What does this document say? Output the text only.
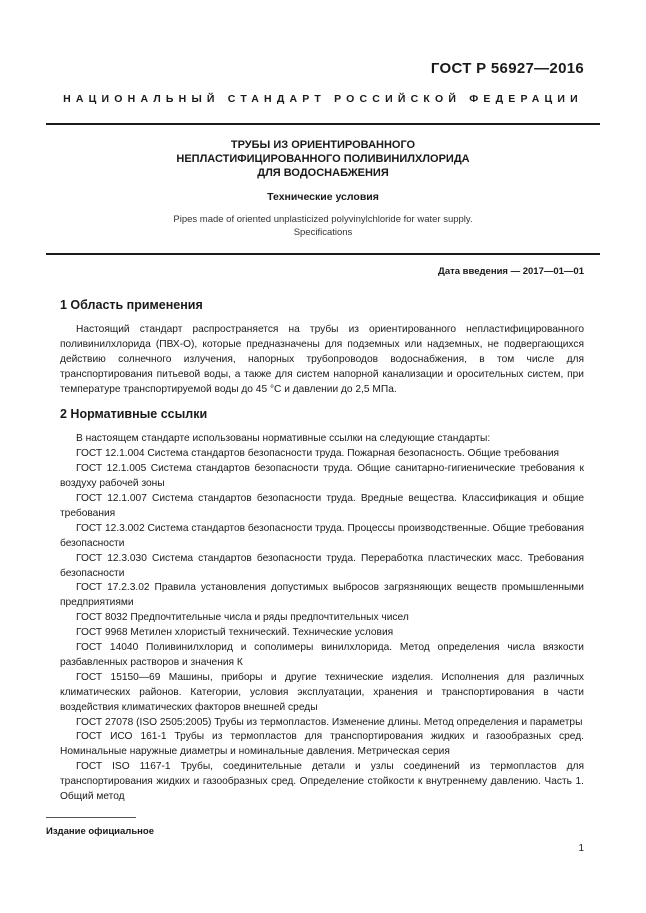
ГОСТ Р 56927—2016
НАЦИОНАЛЬНЫЙ СТАНДАРТ РОССИЙСКОЙ ФЕДЕРАЦИИ
ТРУБЫ ИЗ ОРИЕНТИРОВАННОГО
НЕПЛАСТИФИЦИРОВАННОГО ПОЛИВИНИЛХЛОРИДА
ДЛЯ ВОДОСНАБЖЕНИЯ
Технические условия
Pipes made of oriented unplasticized polyvinylchloride for water supply.
Specifications
Дата введения — 2017—01—01
1 Область применения

Настоящий стандарт распространяется на трубы из ориентированного непластифицированного поливинилхлорида (ПВХ-О), которые предназначены для подземных или надземных, не подвергающихся действию солнечного излучения, напорных трубопроводов водоснабжения, в том числе для транспортирования питьевой воды, а также для систем напорной канализации и оросительных систем, при температуре транспортируемой воды до 45 °С и давлении до 2,5 МПа.

2 Нормативные ссылки

В настоящем стандарте использованы нормативные ссылки на следующие стандарты:

ГОСТ 12.1.004 Система стандартов безопасности труда. Пожарная безопасность. Общие требования

ГОСТ 12.1.005 Система стандартов безопасности труда. Общие санитарно-гигиенические требования к воздуху рабочей зоны

ГОСТ 12.1.007 Система стандартов безопасности труда. Вредные вещества. Классификация и общие требования

ГОСТ 12.3.002 Система стандартов безопасности труда. Процессы производственные. Общие требования безопасности

ГОСТ 12.3.030 Система стандартов безопасности труда. Переработка пластических масс. Требования безопасности

ГОСТ 17.2.3.02 Правила установления допустимых выбросов загрязняющих веществ промышленными предприятиями

ГОСТ 8032 Предпочтительные числа и ряды предпочтительных чисел

ГОСТ 9968 Метилен хлористый технический. Технические условия

ГОСТ 14040 Поливинилхлорид и сополимеры винилхлорида. Метод определения числа вязкости разбавленных растворов и значения К

ГОСТ 15150—69 Машины, приборы и другие технические изделия. Исполнения для различных климатических районов. Категории, условия эксплуатации, хранения и транспортирования в части воздействия климатических факторов внешней среды

ГОСТ 27078 (ISO 2505:2005) Трубы из термопластов. Изменение длины. Метод определения и параметры

ГОСТ ИСО 161-1 Трубы из термопластов для транспортирования жидких и газообразных сред. Номинальные наружные диаметры и номинальные давления. Метрическая серия

ГОСТ ISO 1167-1 Трубы, соединительные детали и узлы соединений из термопластов для транспортирования жидких и газообразных сред. Определение стойкости к внутреннему давлению. Часть 1. Общий метод

Издание официальное
1
